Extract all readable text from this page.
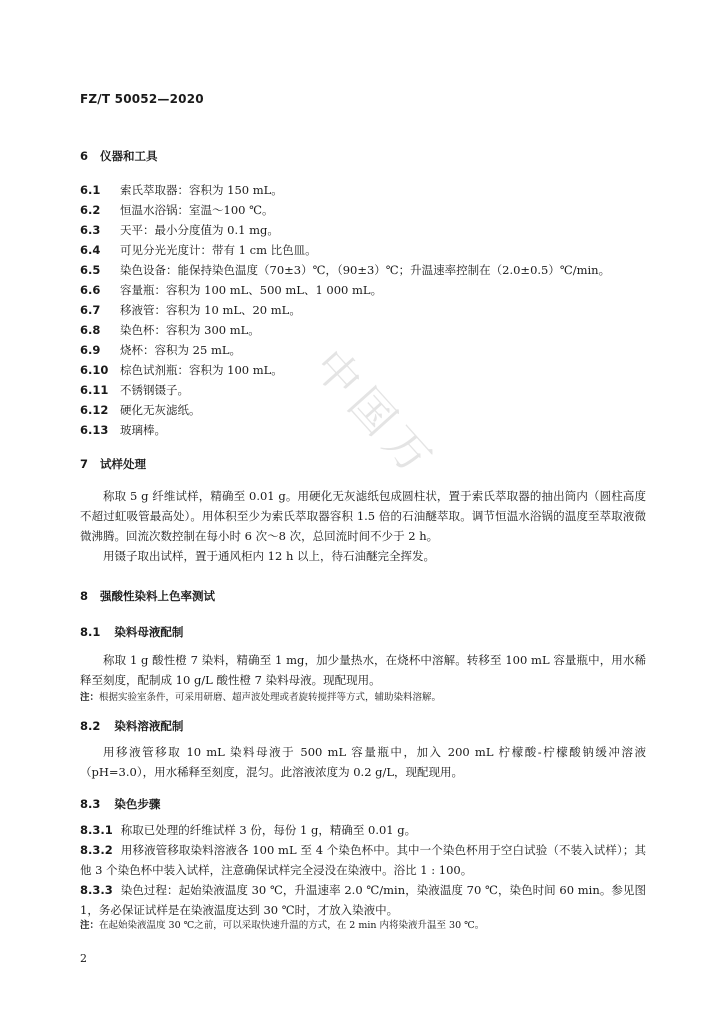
中国万
FZ/T 50052—2020
6 仪器和工具
6.1 索氏萃取器：容积为 150 mL。
6.2 恒温水浴锅：室温～100 ℃。
6.3 天平：最小分度值为 0.1 mg。
6.4 可见分光光度计：带有 1 cm 比色皿。
6.5 染色设备：能保持染色温度（70±3）℃，（90±3）℃；升温速率控制在（2.0±0.5）℃/min。
6.6 容量瓶：容积为 100 mL、500 mL、1 000 mL。
6.7 移液管：容积为 10 mL、20 mL。
6.8 染色杯：容积为 300 mL。
6.9 烧杯：容积为 25 mL。
6.10 棕色试剂瓶：容积为 100 mL。
6.11 不锈钢镊子。
6.12 硬化无灰滤纸。
6.13 玻璃棒。
7 试样处理
称取 5 g 纤维试样，精确至 0.01 g。用硬化无灰滤纸包成圆柱状，置于索氏萃取器的抽出筒内（圆柱高度不超过虹吸管最高处）。用体积至少为索氏萃取器容积 1.5 倍的石油醚萃取。调节恒温水浴锅的温度至萃取液微微沸腾。回流次数控制在每小时 6 次～8 次，总回流时间不少于 2 h。
用镊子取出试样，置于通风柜内 12 h 以上，待石油醚完全挥发。
8 强酸性染料上色率测试
8.1 染料母液配制
称取 1 g 酸性橙 7 染料，精确至 1 mg，加少量热水，在烧杯中溶解。转移至 100 mL 容量瓶中，用水稀释至刻度，配制成 10 g/L 酸性橙 7 染料母液。现配现用。
注：根据实验室条件，可采用研磨、超声波处理或者旋转搅拌等方式，辅助染料溶解。
8.2 染料溶液配制
用移液管移取 10 mL 染料母液于 500 mL 容量瓶中，加入 200 mL 柠檬酸-柠檬酸钠缓冲溶液（pH=3.0），用水稀释至刻度，混匀。此溶液浓度为 0.2 g/L，现配现用。
8.3 染色步骤
8.3.1 称取已处理的纤维试样 3 份，每份 1 g，精确至 0.01 g。
8.3.2 用移液管移取染料溶液各 100 mL 至 4 个染色杯中。其中一个染色杯用于空白试验（不装入试样）；其他 3 个染色杯中装入试样，注意确保试样完全浸没在染液中。浴比 1 : 100。
8.3.3 染色过程：起始染液温度 30 ℃，升温速率 2.0 ℃/min，染液温度 70 ℃，染色时间 60 min。参见图 1，务必保证试样是在染液温度达到 30 ℃时，才放入染液中。
注：在起始染液温度 30 ℃之前，可以采取快速升温的方式，在 2 min 内将染液升温至 30 ℃。
2
